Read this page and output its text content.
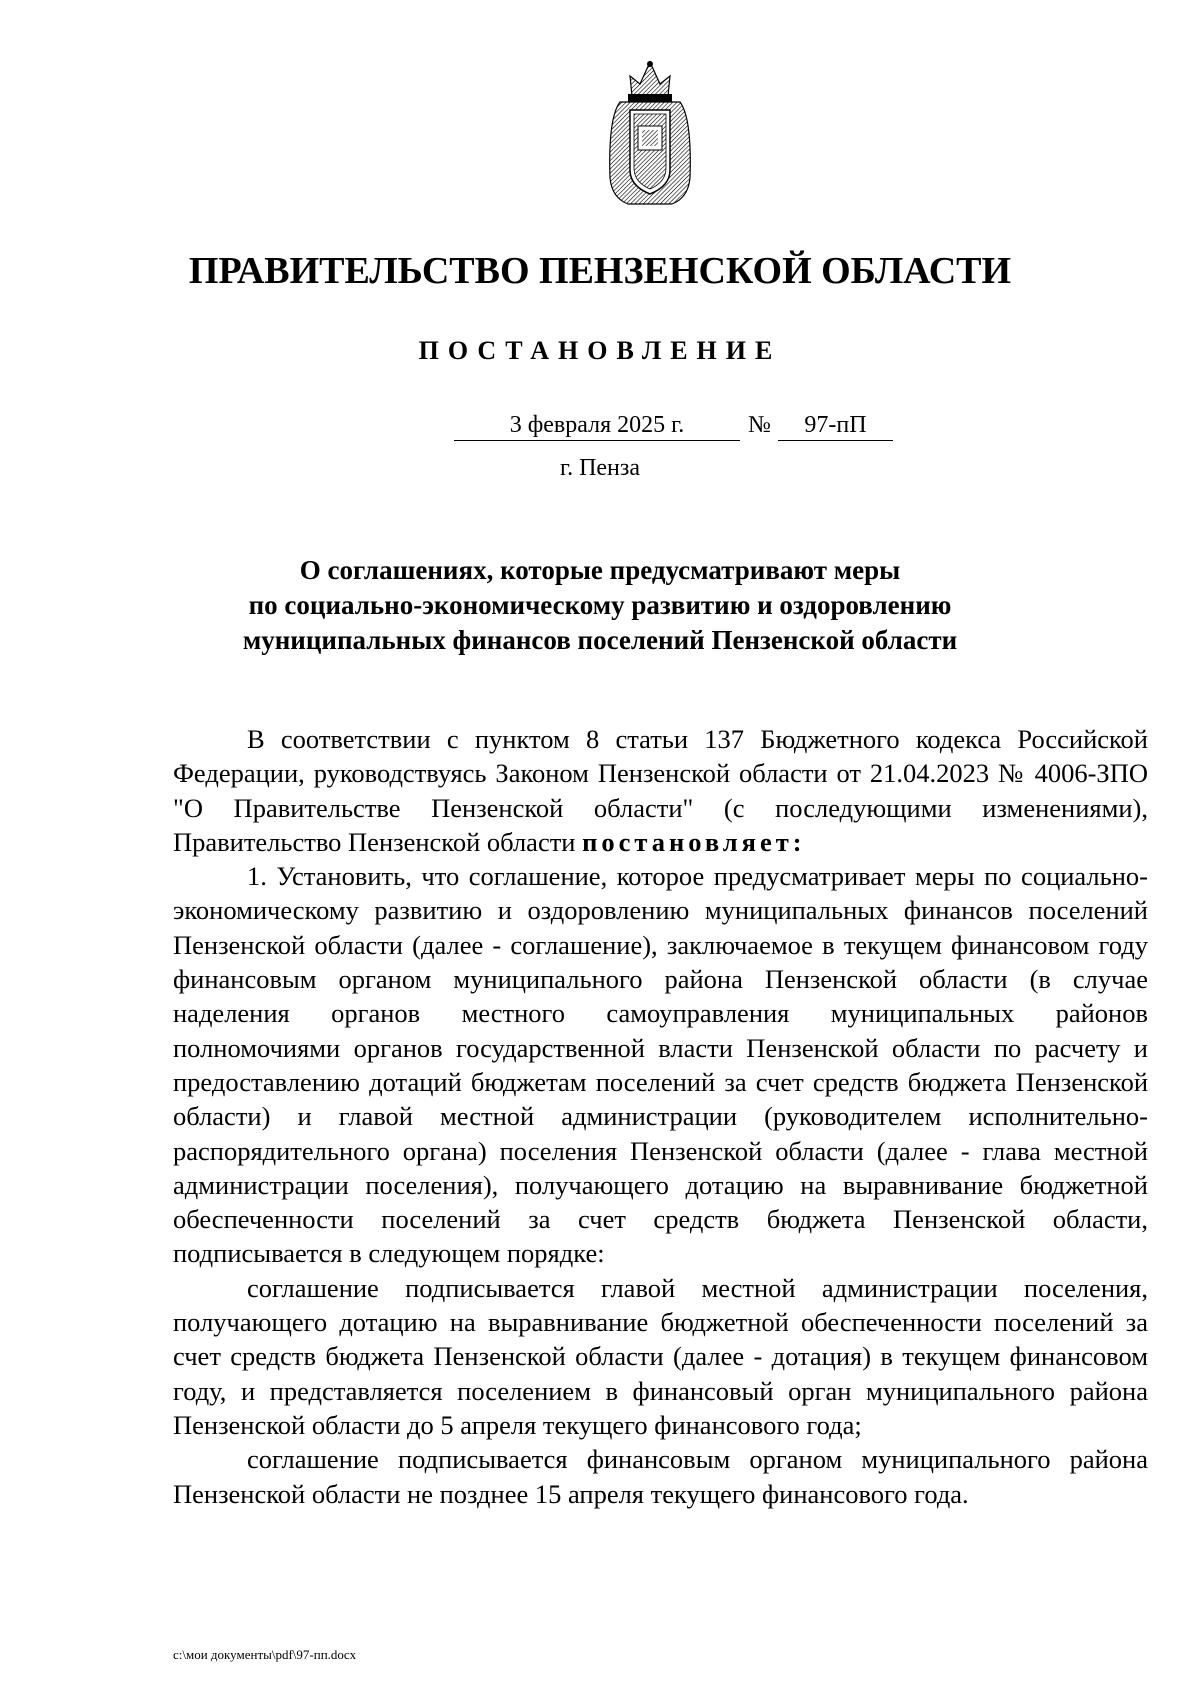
ПРАВИТЕЛЬСТВО ПЕНЗЕНСКОЙ ОБЛАСТИ
ПОСТАНОВЛЕНИЕ
3 февраля 2025 г.	№	97-пП
г. Пенза
О соглашениях, которые предусматривают меры
по социально-экономическому развитию и оздоровлению
муниципальных финансов поселений Пензенской области

В соответствии с пунктом 8 статьи 137 Бюджетного кодекса Российской Федерации, руководствуясь Законом Пензенской области от 21.04.2023 № 4006-ЗПО "О Правительстве Пензенской области" (с последующими изменениями), Правительство Пензенской области постановляет:

1. Установить, что соглашение, которое предусматривает меры по социально-экономическому развитию и оздоровлению муниципальных финансов поселений Пензенской области (далее - соглашение), заключаемое в текущем финансовом году финансовым органом муниципального района Пензенской области (в случае наделения органов местного самоуправления муниципальных районов полномочиями органов государственной власти Пензенской области по расчету и предоставлению дотаций бюджетам поселений за счет средств бюджета Пензенской области) и главой местной администрации (руководителем исполнительно-распорядительного органа) поселения Пензенской области (далее - глава местной администрации поселения), получающего дотацию на выравнивание бюджетной обеспеченности поселений за счет средств бюджета Пензенской области, подписывается в следующем порядке:

соглашение подписывается главой местной администрации поселения, получающего дотацию на выравнивание бюджетной обеспеченности поселений за счет средств бюджета Пензенской области (далее - дотация) в текущем финансовом году, и представляется поселением в финансовый орган муниципального района Пензенской области до 5 апреля текущего финансового года;

соглашение подписывается финансовым органом муниципального района Пензенской области не позднее 15 апреля текущего финансового года.

c:\мои документы\pdf\97-пп.docx
